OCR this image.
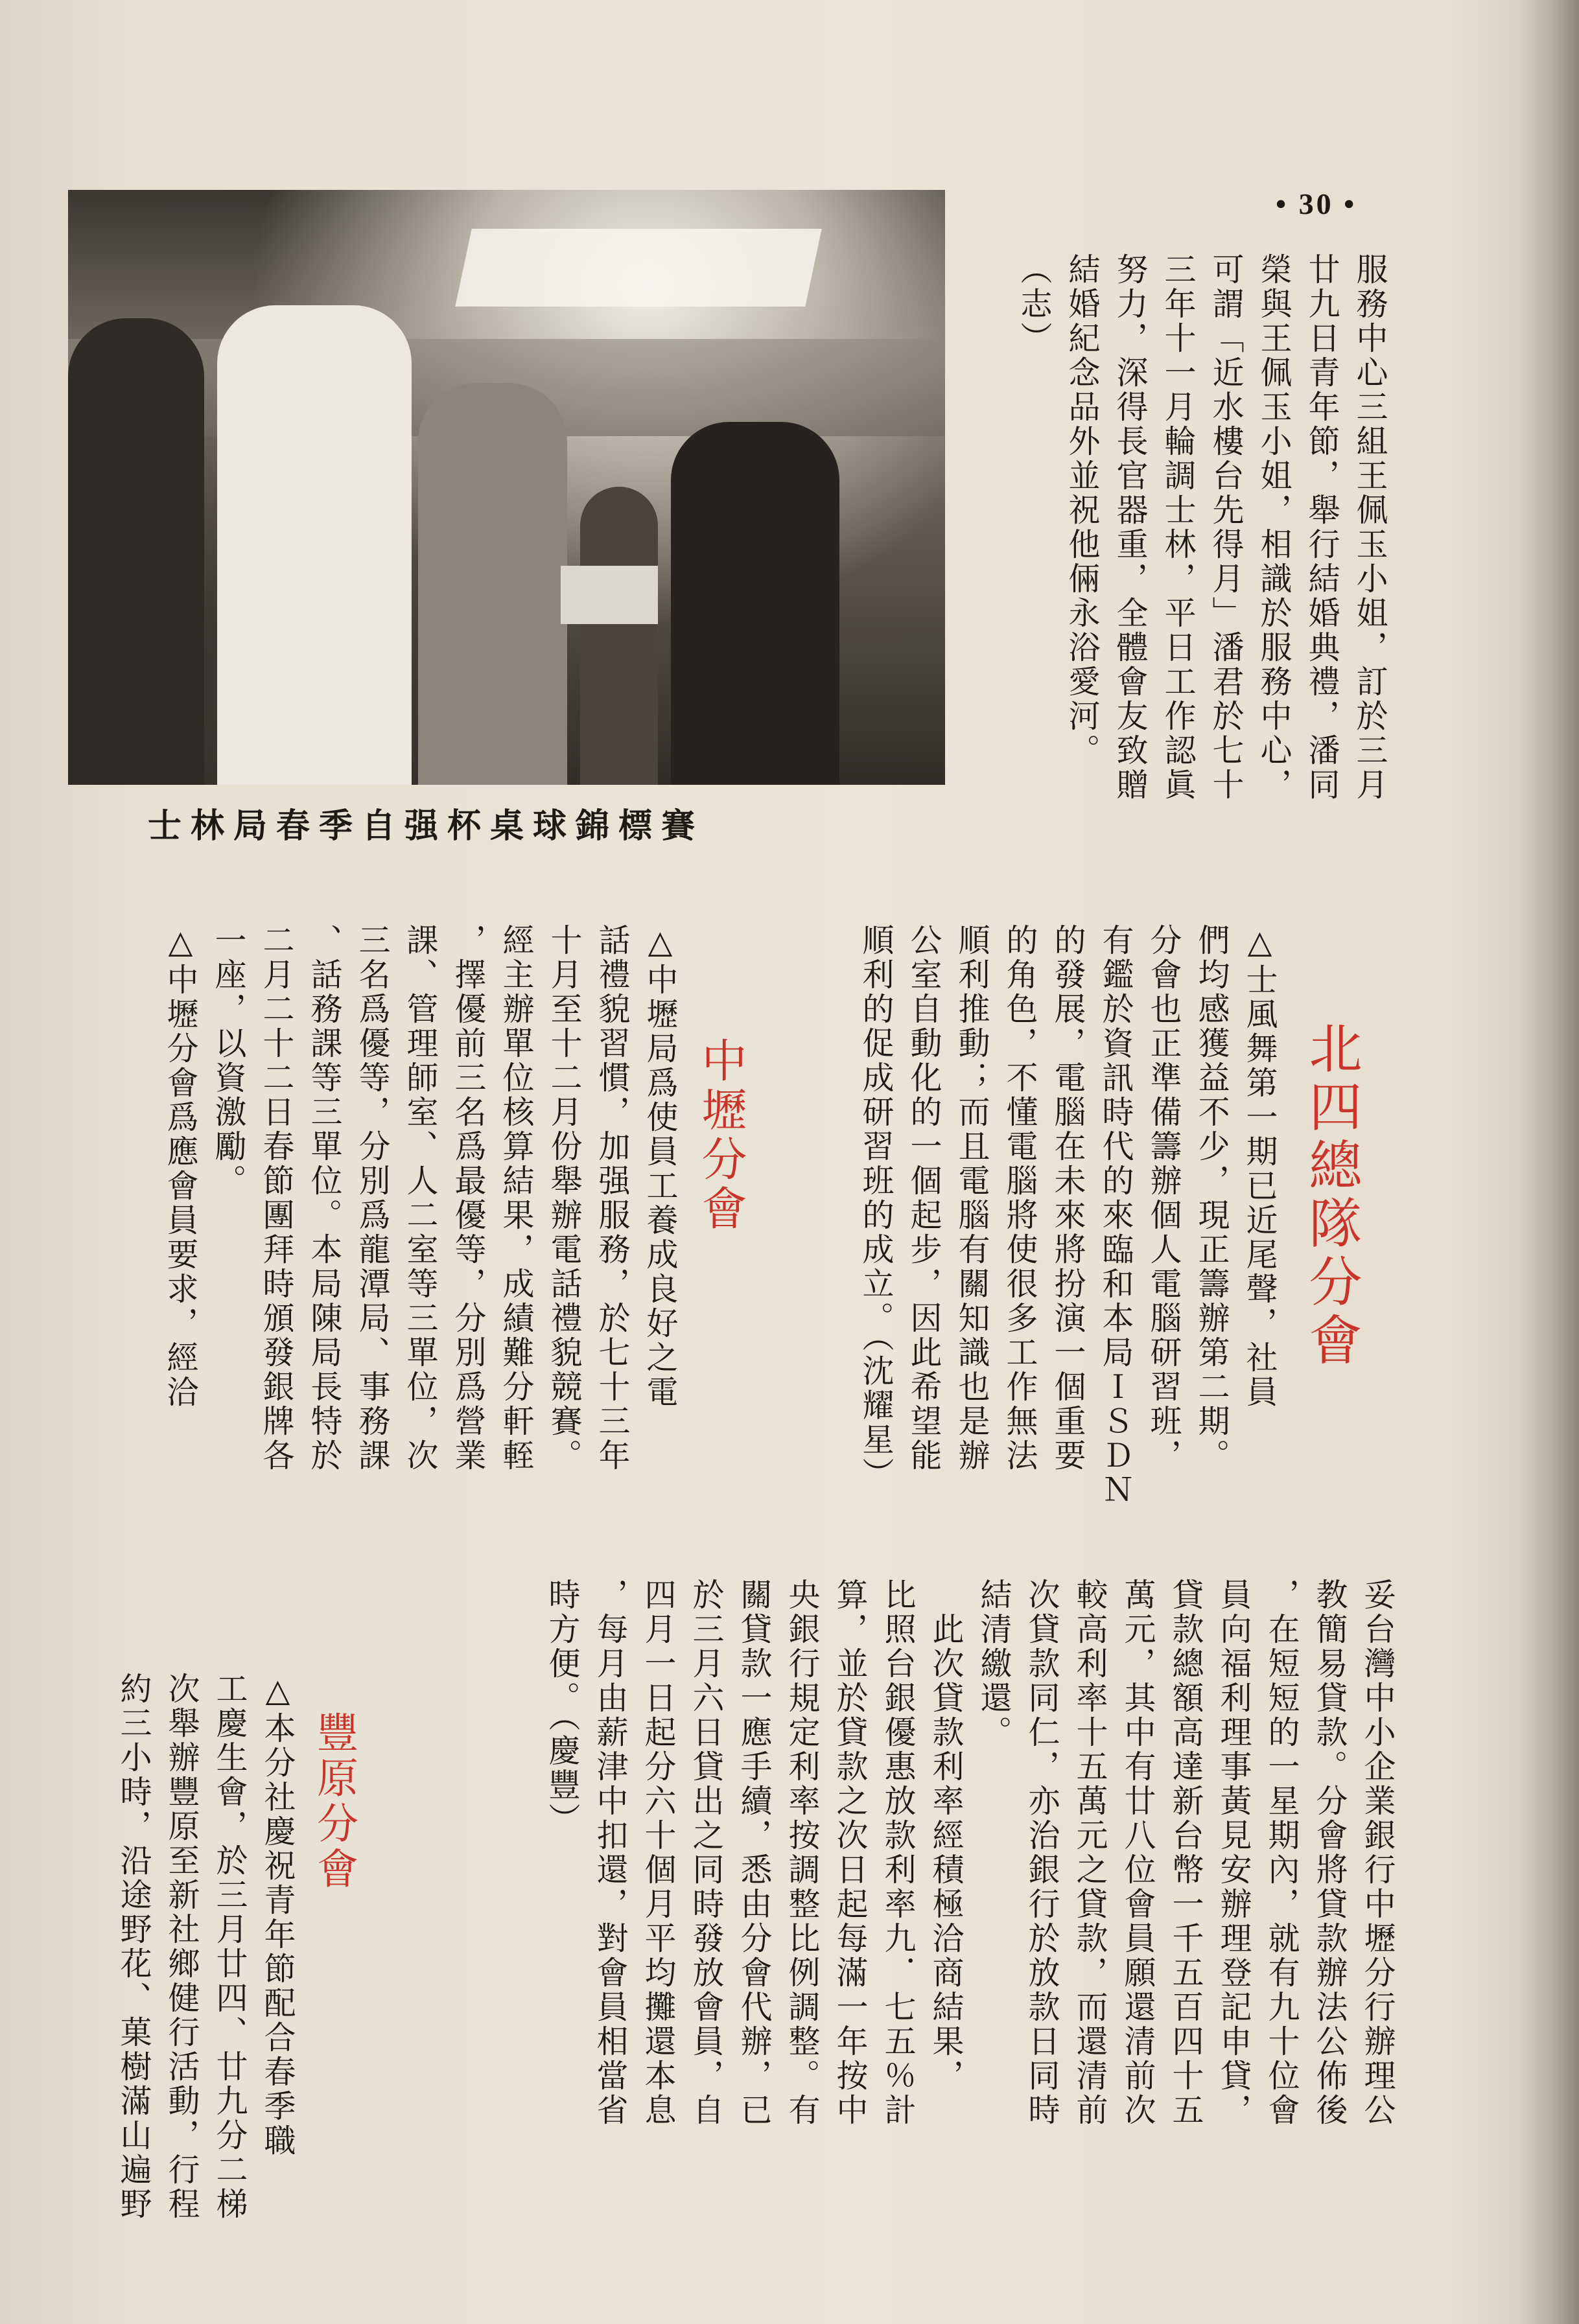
• 30 •
士林局春季自强杯桌球錦標賽
服務中心三組王佩玉小姐，訂於三月
廿九日青年節，舉行結婚典禮，潘同
榮與王佩玉小姐，相識於服務中心，
可謂「近水樓台先得月」潘君於七十
三年十一月輪調士林，平日工作認眞
努力，深得長官器重，全體會友致贈
結婚紀念品外並祝他倆永浴愛河。
（志）
北四總隊分會
△士風舞第一期已近尾聲，社員
們均感獲益不少，現正籌辦第二期。
分會也正準備籌辦個人電腦研習班，
有鑑於資訊時代的來臨和本局ＩＳＤＮ
的發展，電腦在未來將扮演一個重要
的角色，不懂電腦將使很多工作無法
順利推動；而且電腦有關知識也是辦
公室自動化的一個起步，因此希望能
順利的促成研習班的成立。（沈耀星）
中壢分會
△中壢局爲使員工養成良好之電
話禮貌習慣，加强服務，於七十三年
十月至十二月份舉辦電話禮貌競賽。
經主辦單位核算結果，成績難分軒輊
，擇優前三名爲最優等，分別爲營業
課、管理師室、人二室等三單位，次
三名爲優等，分別爲龍潭局、事務課
、話務課等三單位。本局陳局長特於
二月二十二日春節團拜時頒發銀牌各
一座，以資激勵。
△中壢分會爲應會員要求，經洽
妥台灣中小企業銀行中壢分行辦理公
教簡易貸款。分會將貸款辦法公佈後
，在短短的一星期內，就有九十位會
員向福利理事黃見安辦理登記申貸，
貸款總額高達新台幣一千五百四十五
萬元，其中有廿八位會員願還清前次
較高利率十五萬元之貸款，而還清前
次貸款同仁，亦治銀行於放款日同時
結清繳還。
　此次貸款利率經積極洽商結果，
比照台銀優惠放款利率九．七五％計
算，並於貸款之次日起每滿一年按中
央銀行規定利率按調整比例調整。有
關貸款一應手續，悉由分會代辦，已
於三月六日貸出之同時發放會員，自
四月一日起分六十個月平均攤還本息
，每月由薪津中扣還，對會員相當省
時方便。（慶豐）
豐原分會
△本分社慶祝青年節配合春季職
工慶生會，於三月廿四、廿九分二梯
次舉辦豐原至新社鄉健行活動，行程
約三小時，沿途野花、菓樹滿山遍野
